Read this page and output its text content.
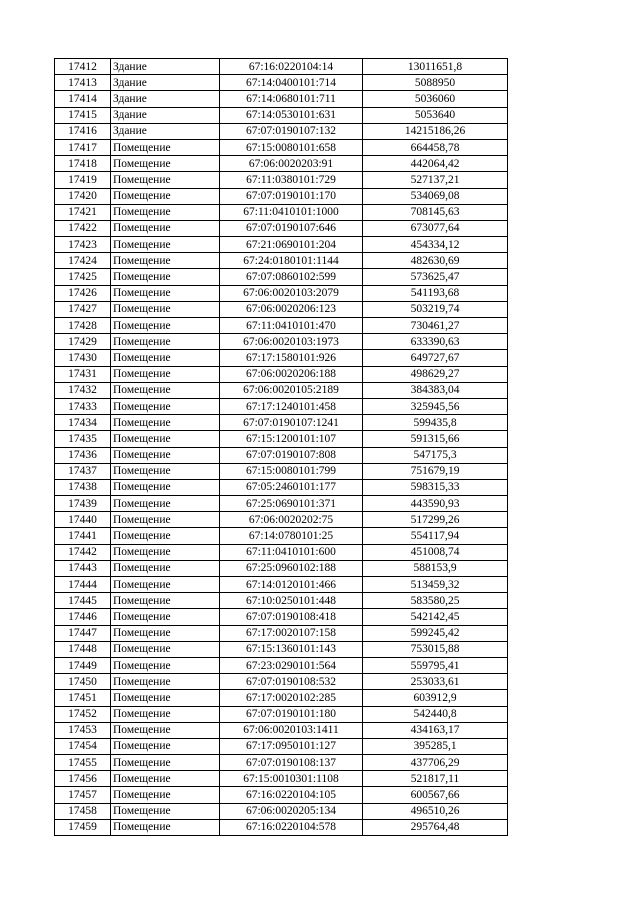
17412	Здание	67:16:0220104:14	13011651,8
17413	Здание	67:14:0400101:714	5088950
17414	Здание	67:14:0680101:711	5036060
17415	Здание	67:14:0530101:631	5053640
17416	Здание	67:07:0190107:132	14215186,26
17417	Помещение	67:15:0080101:658	664458,78
17418	Помещение	67:06:0020203:91	442064,42
17419	Помещение	67:11:0380101:729	527137,21
17420	Помещение	67:07:0190101:170	534069,08
17421	Помещение	67:11:0410101:1000	708145,63
17422	Помещение	67:07:0190107:646	673077,64
17423	Помещение	67:21:0690101:204	454334,12
17424	Помещение	67:24:0180101:1144	482630,69
17425	Помещение	67:07:0860102:599	573625,47
17426	Помещение	67:06:0020103:2079	541193,68
17427	Помещение	67:06:0020206:123	503219,74
17428	Помещение	67:11:0410101:470	730461,27
17429	Помещение	67:06:0020103:1973	633390,63
17430	Помещение	67:17:1580101:926	649727,67
17431	Помещение	67:06:0020206:188	498629,27
17432	Помещение	67:06:0020105:2189	384383,04
17433	Помещение	67:17:1240101:458	325945,56
17434	Помещение	67:07:0190107:1241	599435,8
17435	Помещение	67:15:1200101:107	591315,66
17436	Помещение	67:07:0190107:808	547175,3
17437	Помещение	67:15:0080101:799	751679,19
17438	Помещение	67:05:2460101:177	598315,33
17439	Помещение	67:25:0690101:371	443590,93
17440	Помещение	67:06:0020202:75	517299,26
17441	Помещение	67:14:0780101:25	554117,94
17442	Помещение	67:11:0410101:600	451008,74
17443	Помещение	67:25:0960102:188	588153,9
17444	Помещение	67:14:0120101:466	513459,32
17445	Помещение	67:10:0250101:448	583580,25
17446	Помещение	67:07:0190108:418	542142,45
17447	Помещение	67:17:0020107:158	599245,42
17448	Помещение	67:15:1360101:143	753015,88
17449	Помещение	67:23:0290101:564	559795,41
17450	Помещение	67:07:0190108:532	253033,61
17451	Помещение	67:17:0020102:285	603912,9
17452	Помещение	67:07:0190101:180	542440,8
17453	Помещение	67:06:0020103:1411	434163,17
17454	Помещение	67:17:0950101:127	395285,1
17455	Помещение	67:07:0190108:137	437706,29
17456	Помещение	67:15:0010301:1108	521817,11
17457	Помещение	67:16:0220104:105	600567,66
17458	Помещение	67:06:0020205:134	496510,26
17459	Помещение	67:16:0220104:578	295764,48
